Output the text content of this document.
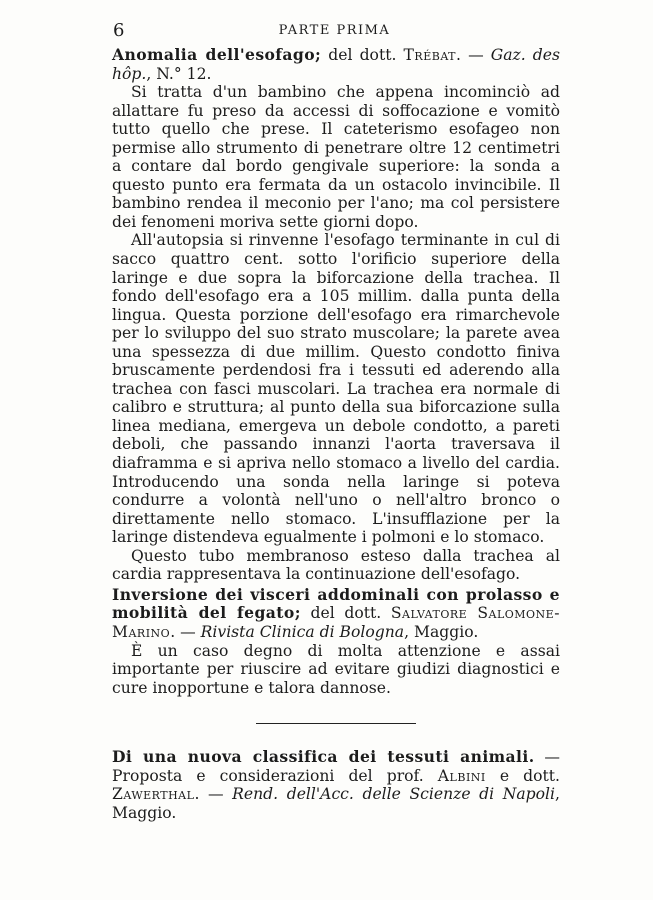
6	PARTE PRIMA

Anomalia dell'esofago; del dott. Trébat. — Gaz. des hôp., N.° 12.

Si tratta d'un bambino che appena incominciò ad allattare fu preso da accessi di soffocazione e vomitò tutto quello che prese. Il cateterismo esofageo non permise allo strumento di penetrare oltre 12 centimetri a contare dal bordo gengivale superiore: la sonda a questo punto era fermata da un ostacolo invincibile. Il bambino rendea il meconio per l'ano; ma col persistere dei fenomeni moriva sette giorni dopo.

All'autopsia si rinvenne l'esofago terminante in cul di sacco quattro cent. sotto l'orificio superiore della laringe e due sopra la biforcazione della trachea. Il fondo dell'esofago era a 105 millim. dalla punta della lingua. Questa porzione dell'esofago era rimarchevole per lo sviluppo del suo strato muscolare; la parete avea una spessezza di due millim. Questo condotto finiva bruscamente perdendosi fra i tessuti ed aderendo alla trachea con fasci muscolari. La trachea era normale di calibro e struttura; al punto della sua biforcazione sulla linea mediana, emergeva un debole condotto, a pareti deboli, che passando innanzi l'aorta traversava il diaframma e si apriva nello stomaco a livello del cardia. Introducendo una sonda nella laringe si poteva condurre a volontà nell'uno o nell'altro bronco o direttamente nello stomaco. L'insufflazione per la laringe distendeva egualmente i polmoni e lo stomaco.

Questo tubo membranoso esteso dalla trachea al cardia rappresentava la continuazione dell'esofago.

Inversione dei visceri addominali con prolasso e mobilità del fegato; del dott. Salvatore Salomone-Marino. — Rivista Clinica di Bologna, Maggio.

È un caso degno di molta attenzione e assai importante per riuscire ad evitare giudizi diagnostici e cure inopportune e talora dannose.

Di una nuova classifica dei tessuti animali. — Proposta e considerazioni del prof. Albini e dott. Zawerthal. — Rend. dell'Acc. delle Scienze di Napoli, Maggio.
